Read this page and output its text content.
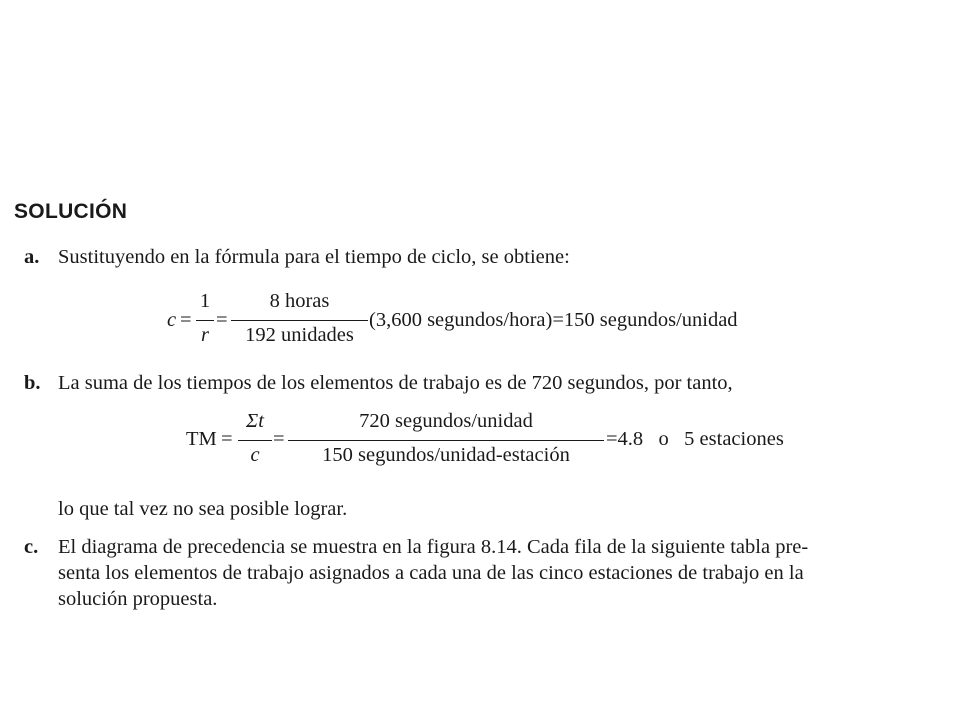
SOLUCIÓN
a. Sustituyendo en la fórmula para el tiempo de ciclo, se obtiene:
c =
1
r
=
8 horas
192 unidades
(3,600 segundos/hora)=150 segundos/unidad
b. La suma de los tiempos de los elementos de trabajo es de 720 segundos, por tanto,
TM =
Σt
c
=
720 segundos/unidad
150 segundos/unidad-estación
=4.8   o   5 estaciones
lo que tal vez no sea posible lograr.
c. El diagrama de precedencia se muestra en la figura 8.14. Cada fila de la siguiente tabla pre-
senta los elementos de trabajo asignados a cada una de las cinco estaciones de trabajo en la
solución propuesta.
